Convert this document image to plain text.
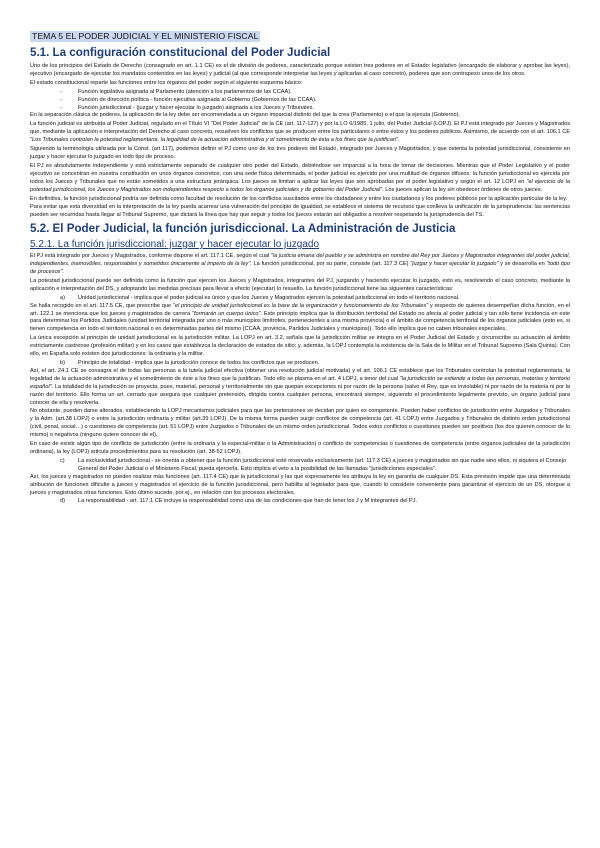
TEMA 5 EL PODER JUDICIAL Y EL MINISTERIO FISCAL
5.1. La configuración constitucional del Poder Judicial

Uno de los principios del Estado de Derecho (consagrado en art. 1.1 CE) es el de división de poderes, caracterizado porque existen tres poderes en el Estado: legislativo (encargado de elaborar y aprobar las leyes), ejecutivo (encargado de ejecutar los mandatos contenidos en las leyes) y judicial (al que corresponde interpretar las leyes y aplicarlas al caso concreto), poderes que son contrapeso unos de los otros.

El estado constitucional reparte las funciones entre los órganos del poder según el siguiente esquema básico:

-	Función legislativa asignada al Parlamento (atención a los parlamentos de las CCAA).
-	Función de dirección política - función ejecutiva asignada al Gobierno (Gobiernos de las CCAA).
-	Función jurisdiccional - (juzgar y hacer ejecutar lo juzgado) asignada a los Jueces y Tribunales.

En la separación clásica de poderes, la aplicación de la ley debe ser encomendada a un órgano imparcial distinto del que la crea (Parlamento) o el que la ejecuta (Gobierno).

La función judicial es atribuida al Poder Judicial, regulado en el Título VI "Del Poder Judicial" de la CE (art. 117-127) y por la LO 6/1985, 1 julio, del Poder Judicial (LOPJ). El PJ está integrado por Jueces y Magistrados que, mediante la aplicación e interpretación del Derecho al caso concreto, resuelven los conflictos que se producen entre los particulares o entre éstos y los poderes públicos. Asimismo, de acuerdo con el art. 106.1 CE "Los Tribunales controlan la potestad reglamentaria, la legalidad de la actuación administrativa y el sometimiento de ésta a los fines que la justifican".

Siguiendo la terminología utilizada por la Const. (art 117), podemos definir el PJ como uno de los tres poderes del Estado, integrado por Jueces y Magistrados, y que ostenta la potestad jurisdiccional, consistente en juzgar y hacer ejecutar lo juzgado en todo tipo de proceso.

El PJ es absolutamente independiente y está estrictamente separado de cualquier otro poder del Estado, debiéndose ser imparcial a la hora de tomar de decisiones. Mientras que el Poder Legislativo y el poder ejecutivo se concentran en nuestra constitución en unos órganos concretos, con una sede física determinada, el poder judicial es ejercido por una multitud de órganos difusos: la función jurisdiccional es ejercida por todos los Jueces y Tribunales que no están sometidos a una estructura jerárquica. Los jueces se limitan a aplicar las leyes que son aprobadas por el poder legislativo y según el art. 12 LOPJ en "el ejercicio de la potestad jurisdiccional, los Jueces y Magistrados son independientes respecto a todos los órganos judiciales y de gobierno del Poder Judicial". Los jueces aplican la ley sin obedecer órdenes de otros jueces.

En definitiva, la función jurisdiccional podría ser definida como facultad de resolución de los conflictos suscitados entre los ciudadanos y entre los ciudadanos y los poderes públicos por la aplicación particular de la ley.

Para evitar que esta diversidad en la interpretación de la ley pueda acarrear una vulneración del principio de igualdad, se establece el sistema de recursos que conlleva la unificación de la jurisprudencia: las sentencias pueden ser recurridas hasta llegar al Tribunal Supremo, que dictará la línea que hay que seguir y todos los jueces estarán así obligados a resolver respetando la jurisprudencia del TS.

5.2. El Poder Judicial, la función jurisdiccional. La Administración de Justicia
5.2.1. La función jurisdiccional: juzgar y hacer ejecutar lo juzgado

El PJ está integrado por Jueces y Magistrados, conforme dispone el art. 117.1 CE, según el cual "la justicia emana del pueblo y se administra en nombre del Rey por Jueces y Magistrados integrantes del poder judicial, independientes, inamovibles, responsables y sometidos únicamente al imperio de la ley". La función jurisdiccional, por su parte, consiste (art. 117.3 CE) "juzgar y hacer ejecutar lo juzgado" y se desarrolla en "todo tipo de procesos".

La potestad jurisdiccional puede ser definida como la función que ejercen los Jueces y Magistrados, integrantes del PJ, juzgando y haciendo ejecutar lo juzgado, esto es, resolviendo el caso concreto, mediante la aplicación e interpretación del DS, y adoptando las medidas precisas para llevar a efecto (ejecutar) lo resuelto. La función jurisdiccional tiene las siguientes características:

a)	Unidad jurisdiccional - implica que el poder judicial es único y que los Jueces y Magistrados ejercen la potestad jurisdiccional en todo el territorio nacional.

Se halla recogido en el art. 117.5 CE, que prescribe que "el principio de unidad jurisdiccional es la base de la organización y funcionamiento de los Tribunales" y respecto de quienes desempeñan dicha función, en el art. 122.1 se menciona que los jueces y magistrados de carrera "formarán un cuerpo único". Este principio implica que la distribución territorial del Estado no afecta al poder judicial y tan sólo tiene incidencia en este para determinar los Partidos Judiciales (unidad territorial integrada por uno o más municipios limítrofes, pertenecientes a una misma provincia) o el ámbito de competencia territorial de los órganos judiciales (esto es, si tienen competencia en todo el territorio nacional o en determinadas partes del mismo (CCAA, provincia, Partidos Judiciales y municipios)). Todo ello implica que no caben tribunales especiales.

La única excepción al principio de unidad jurisdiccional es la jurisdicción militar. La LOPJ en art. 3.2, señala que la jurisdicción militar se integra en el Poder Judicial del Estado y circunscribe su actuación al ámbito estrictamente castrense (profesión militar) y en los casos que establezca la declaración de estados de sitio; y, además, la LOPJ contempla la existencia de la Sala de lo Militar en el Tribunal Supremo (Sala Quinta). Con ello, en España solo existen dos jurisdicciones: la ordinaria y la militar.

b)	Principio de totalidad - implica que la jurisdicción conoce de todos los conflictos que se producen.

Así, el art. 24.1 CE se consagra el de todas las personas a la tutela judicial efectiva (obtener una resolución judicial motivada) y el art. 106.1 CE establece que los Tribunales controlan la potestad reglamentaria, la legalidad de la actuación administrativa y el sometimiento de éste a los fines que la justifican. Todo ello se plasma en el art. 4 LOPJ, a tenor del cual "la jurisdicción se extiende a todas las personas, materias y territorio español". La totalidad de la jurisdicción se proyecta, pues, material, personal y territorialmente sin que quepan excepciones ni por razón de la persona (salvo el Rey, que es inviolable) ni por razón de la materia ni por la razón del territorio. Ello forma un art. cerrado que asegura que cualquier pretensión, dirigida contra cualquier persona, encontrará siempre, siguiendo el procedimiento legalmente previsto, un órgano judicial para conocer de ella y resolverla.

No obstante, pueden darse alterados, estableciendo la LOPJ mecanismos judiciales para que las pretensiones se decidan por quien es competente. Pueden haber conflictos de jurisdicción entre Juzgados y Tribunales y la Adm. (art.38 LOPJ) o entre la jurisdicción ordinaria y militar (art.39 LOPJ). De la misma forma pueden surgir conflictos de competencia (art. 41 LOPJ) entre Juzgados y Tribunales de distinto orden jurisdiccional (civil, penal, social…) o cuestiones de competencia (art. 51 LOPJ) entre Juzgados o Tribunales de un mismo orden jurisdiccional. Todos estos conflictos o cuestiones pueden ser positivos (los dos quieren conocer de lo mismo) o negativos (ninguno quiere conocer de el).

En caso de existir algún tipo de conflicto de jurisdicción (entre la ordinaria y la especial-militar o la Administración) o conflicto de competencias o cuestiones de competencia (entre órganos judiciales de la jurisdicción ordinaria), la ley (LOPJ) articula procedimientos para su resolución (art. 38-52 LOPJ).

c)	La exclusividad jurisdiccional - se orienta a obtener que la función jurisdiccional esté reservada exclusivamente (art. 117.3 CE) a jueces y magistrados sin que nadie sino ellos, ni siquiera el Consejo General del Poder Judicial o el Ministerio Fiscal, pueda ejercerla. Esto implica el veto a la posibilidad de las llamadas "jurisdicciones especiales".

Así, los jueces y magistrados no pueden realizar más funciones (art. 117.4 CE) que la jurisdiccional y las que expresamente les atribuya la ley en garantía de cualquier DS. Esta previsión impide que una determinada atribución de funciones dificulte a jueces y magistrados el ejercicio de la función jurisdiccional, pero habilita al legislador para que, cuando lo considere conveniente para garantizar el ejercicio de un DS, otorgue a jueces y magistrados otras funciones. Esto último sucede, por ej., en relación con los procesos electorales.

d)	La responsabilidad - art. 117.1 CE incluye la responsabilidad como una de las condiciones que han de tener los J y M integrantes del PJ.
